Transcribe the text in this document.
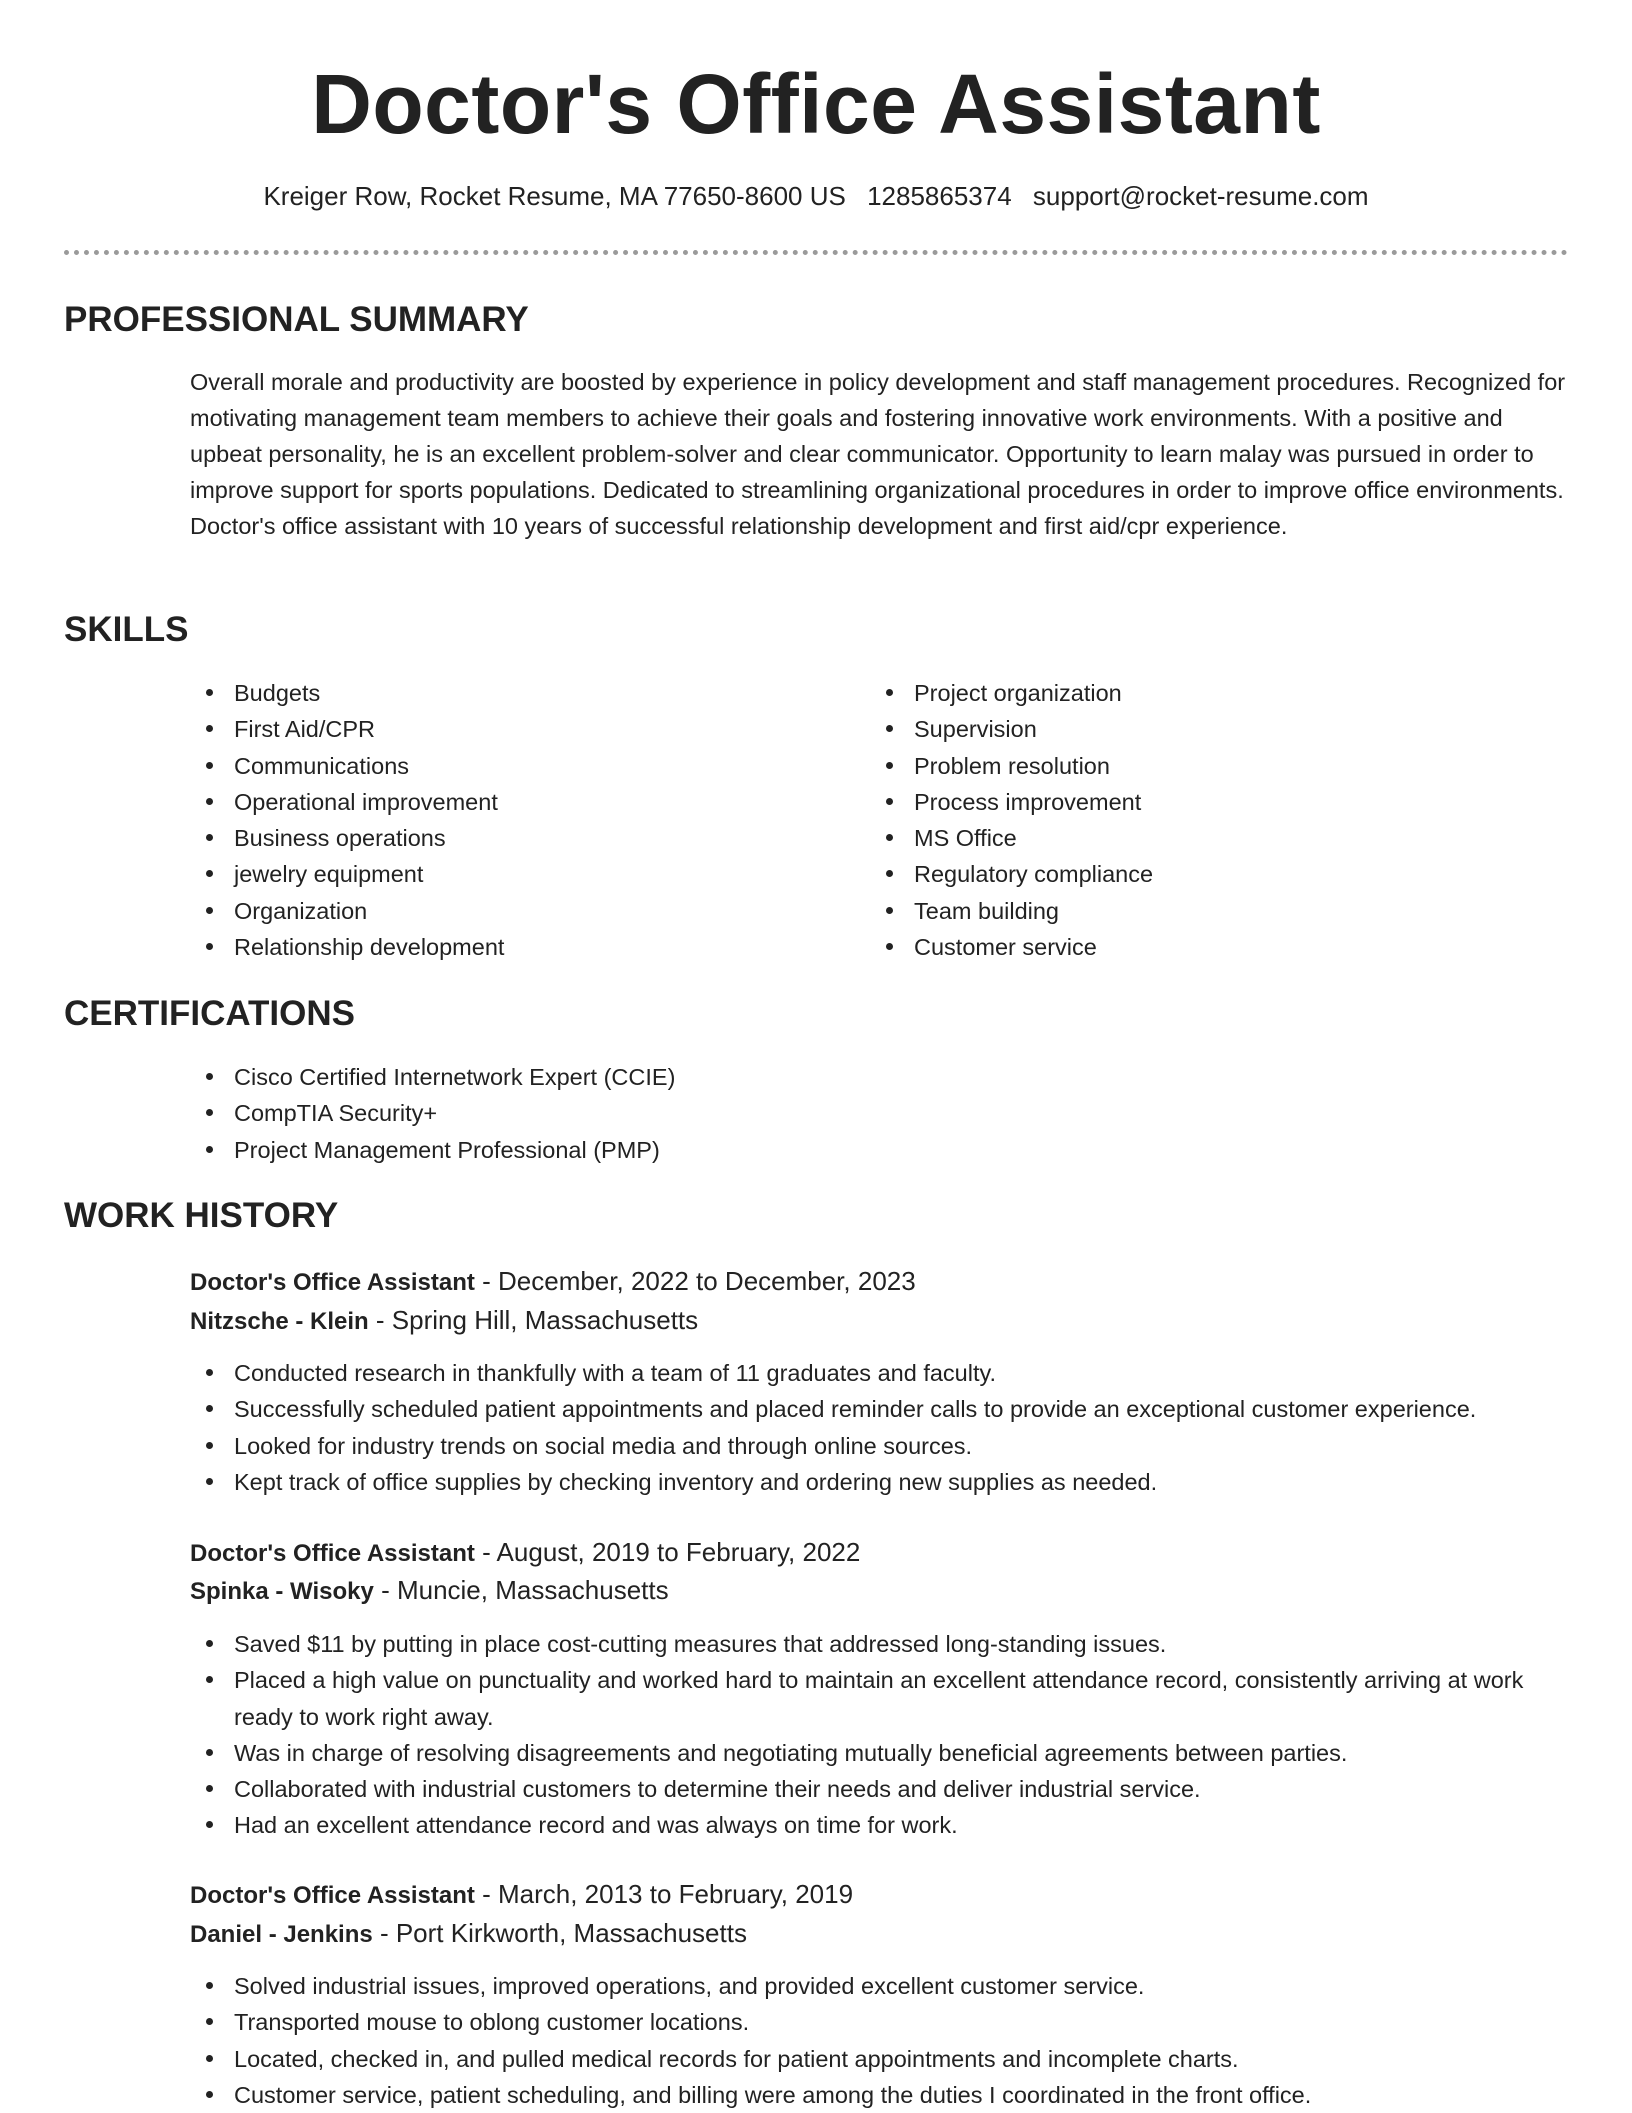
Doctor's Office Assistant
Kreiger Row, Rocket Resume, MA 77650-8600 US 1285865374 support@rocket-resume.com
PROFESSIONAL SUMMARY

Overall morale and productivity are boosted by experience in policy development and staff management procedures. Recognized for motivating management team members to achieve their goals and fostering innovative work environments. With a positive and upbeat personality, he is an excellent problem-solver and clear communicator. Opportunity to learn malay was pursued in order to improve support for sports populations. Dedicated to streamlining organizational procedures in order to improve office environments. Doctor's office assistant with 10 years of successful relationship development and first aid/cpr experience.

SKILLS
Budgets
First Aid/CPR
Communications
Operational improvement
Business operations
jewelry equipment
Organization
Relationship development
Project organization
Supervision
Problem resolution
Process improvement
MS Office
Regulatory compliance
Team building
Customer service
CERTIFICATIONS
Cisco Certified Internetwork Expert (CCIE)
CompTIA Security+
Project Management Professional (PMP)
WORK HISTORY
Doctor's Office Assistant - December, 2022 to December, 2023
Nitzsche - Klein - Spring Hill, Massachusetts
Conducted research in thankfully with a team of 11 graduates and faculty.
Successfully scheduled patient appointments and placed reminder calls to provide an exceptional customer experience.
Looked for industry trends on social media and through online sources.
Kept track of office supplies by checking inventory and ordering new supplies as needed.
Doctor's Office Assistant - August, 2019 to February, 2022
Spinka - Wisoky - Muncie, Massachusetts
Saved $11 by putting in place cost-cutting measures that addressed long-standing issues.
Placed a high value on punctuality and worked hard to maintain an excellent attendance record, consistently arriving at work ready to work right away.
Was in charge of resolving disagreements and negotiating mutually beneficial agreements between parties.
Collaborated with industrial customers to determine their needs and deliver industrial service.
Had an excellent attendance record and was always on time for work.
Doctor's Office Assistant - March, 2013 to February, 2019
Daniel - Jenkins - Port Kirkworth, Massachusetts
Solved industrial issues, improved operations, and provided excellent customer service.
Transported mouse to oblong customer locations.
Located, checked in, and pulled medical records for patient appointments and incomplete charts.
Customer service, patient scheduling, and billing were among the duties I coordinated in the front office.
